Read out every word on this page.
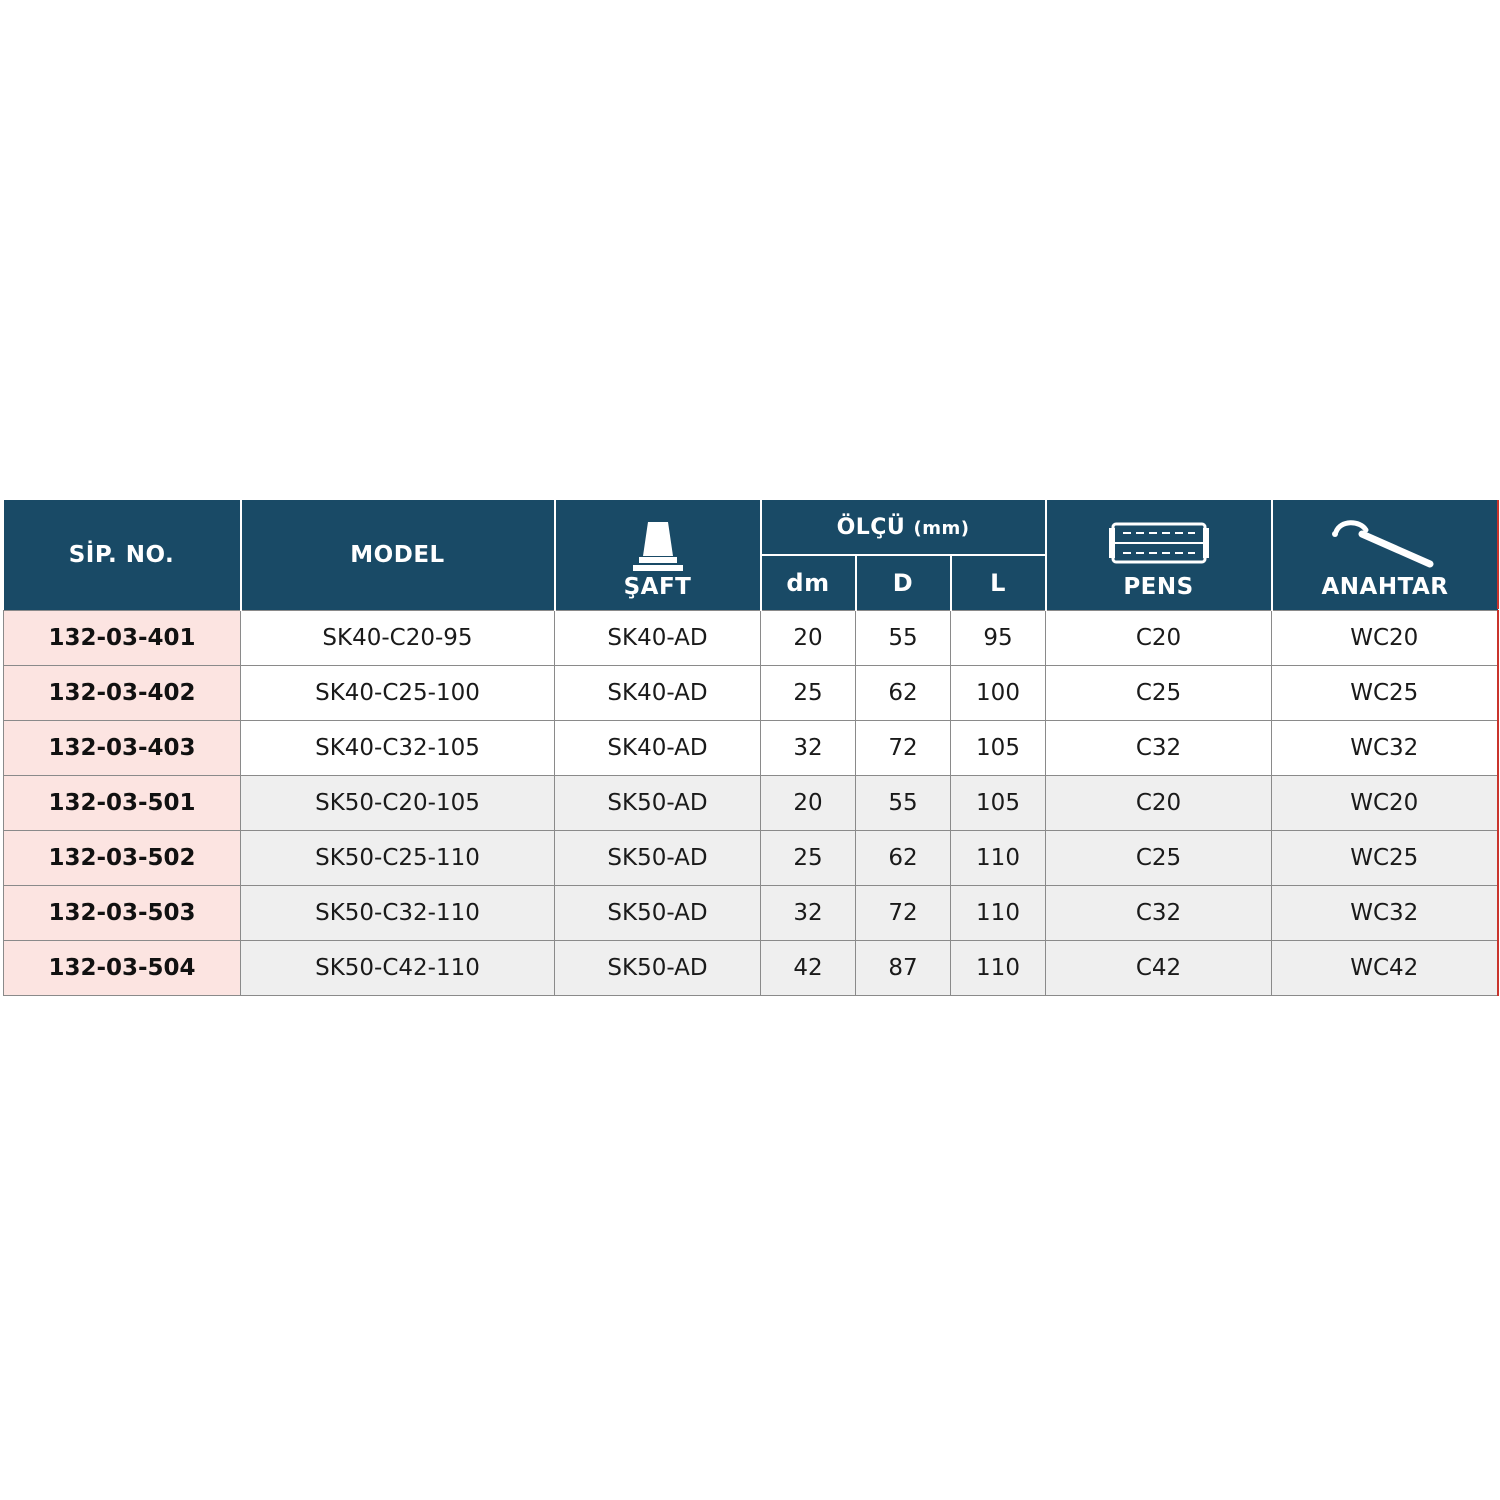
SİP. NO.	MODEL	ŞAFT	ÖLÇÜ (mm)			PENS	ANAHTAR

			dm	D	L		
132-03-401	SK40-C20-95	SK40-AD	20	55	95	C20	WC20
132-03-402	SK40-C25-100	SK40-AD	25	62	100	C25	WC25
132-03-403	SK40-C32-105	SK40-AD	32	72	105	C32	WC32
132-03-501	SK50-C20-105	SK50-AD	20	55	105	C20	WC20
132-03-502	SK50-C25-110	SK50-AD	25	62	110	C25	WC25
132-03-503	SK50-C32-110	SK50-AD	32	72	110	C32	WC32
132-03-504	SK50-C42-110	SK50-AD	42	87	110	C42	WC42
